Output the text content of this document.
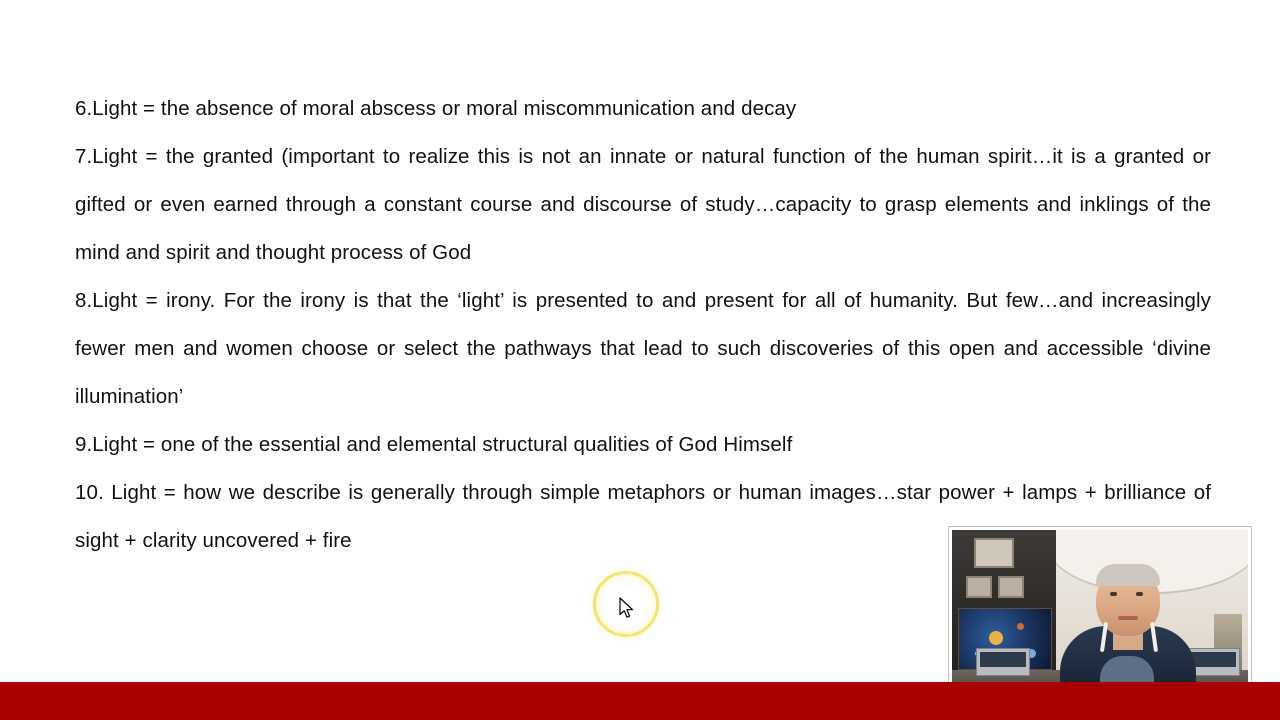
6.Light = the absence of moral abscess or moral miscommunication and decay

7.Light = the granted (important to realize this is not an innate or natural function of the human spirit…it is a granted or gifted or even earned through a constant course and discourse of study…capacity to grasp elements and inklings of the mind and spirit and thought process of God

8.Light = irony. For the irony is that the ‘light’ is presented to and present for all of humanity. But few…and increasingly fewer men and women choose or select the pathways that lead to such discoveries of this open and accessible ‘divine illumination’

9.Light = one of the essential and elemental structural qualities of God Himself

10. Light = how we describe is generally through simple metaphors or human images…star power + lamps + brilliance of sight + clarity uncovered + fire
